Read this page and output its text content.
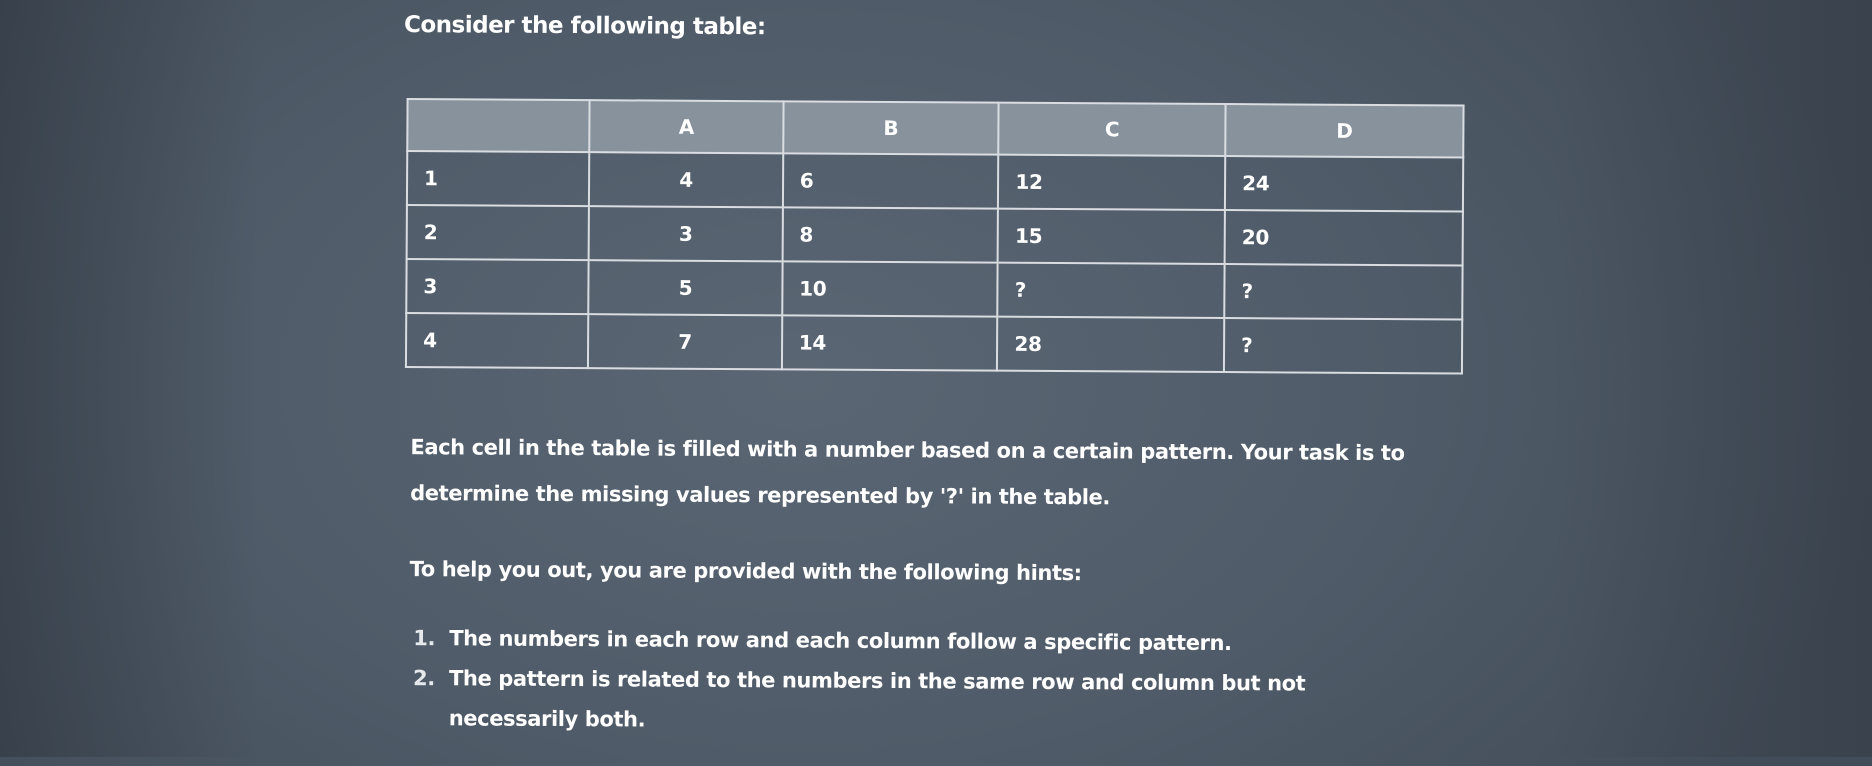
Consider the following table:

	A	B	C	D
1	4	6	12	24
2	3	8	15	20
3	5	10	?	?
4	7	14	28	?

Each cell in the table is filled with a number based on a certain pattern. Your task is to determine the missing values represented by '?' in the table.

To help you out, you are provided with the following hints:

1. The numbers in each row and each column follow a specific pattern.
2. The pattern is related to the numbers in the same row and column but not necessarily both.
